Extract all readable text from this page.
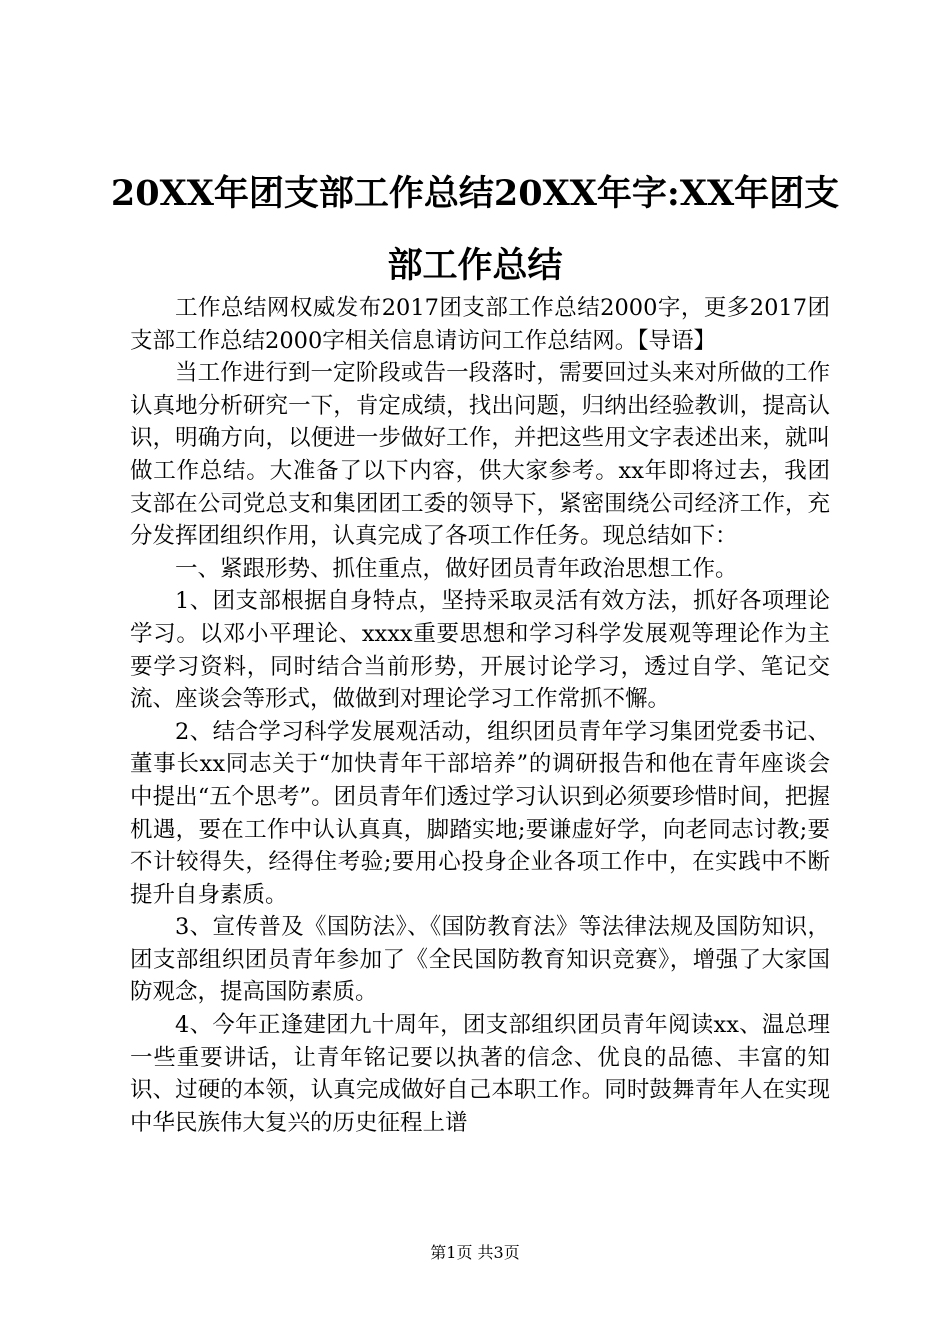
20XX年团支部工作总结20XX年字:XX年团支部工作总结

工作总结网权威发布2017团支部工作总结2000字，更多2017团支部工作总结2000字相关信息请访问工作总结网。【导语】

当工作进行到一定阶段或告一段落时，需要回过头来对所做的工作认真地分析研究一下，肯定成绩，找出问题，归纳出经验教训，提高认识，明确方向，以便进一步做好工作，并把这些用文字表述出来，就叫做工作总结。大准备了以下内容，供大家参考。xx年即将过去，我团支部在公司党总支和集团团工委的领导下，紧密围绕公司经济工作，充分发挥团组织作用，认真完成了各项工作任务。现总结如下：

一、紧跟形势、抓住重点，做好团员青年政治思想工作。

1、团支部根据自身特点，坚持采取灵活有效方法，抓好各项理论学习。以邓小平理论、xxxx重要思想和学习科学发展观等理论作为主要学习资料，同时结合当前形势，开展讨论学习，透过自学、笔记交流、座谈会等形式，做做到对理论学习工作常抓不懈。

2、结合学习科学发展观活动，组织团员青年学习集团党委书记、董事长xx同志关于“加快青年干部培养”的调研报告和他在青年座谈会中提出“五个思考”。团员青年们透过学习认识到必须要珍惜时间，把握机遇，要在工作中认认真真，脚踏实地;要谦虚好学，向老同志讨教;要不计较得失，经得住考验;要用心投身企业各项工作中，在实践中不断提升自身素质。

3、宣传普及《国防法》、《国防教育法》等法律法规及国防知识，团支部组织团员青年参加了《全民国防教育知识竞赛》，增强了大家国防观念，提高国防素质。

4、今年正逢建团九十周年，团支部组织团员青年阅读xx、温总理一些重要讲话，让青年铭记要以执著的信念、优良的品德、丰富的知识、过硬的本领，认真完成做好自己本职工作。同时鼓舞青年人在实现中华民族伟大复兴的历史征程上谱

第1页 共3页
